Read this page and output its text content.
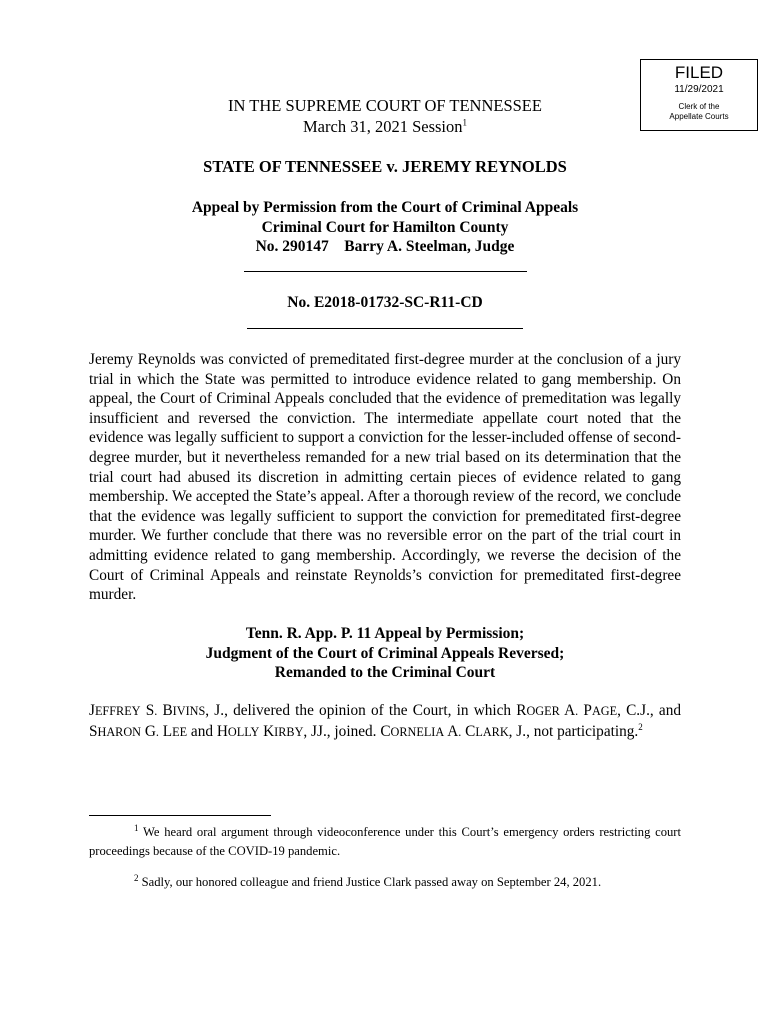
FILED
11/29/2021
Clerk of the
Appellate Courts
IN THE SUPREME COURT OF TENNESSEE
March 31, 2021 Session$^1$
STATE OF TENNESSEE v. JEREMY REYNOLDS
Appeal by Permission from the Court of Criminal Appeals
Criminal Court for Hamilton County
No. 290147    Barry A. Steelman, Judge
No. E2018-01732-SC-R11-CD

Jeremy Reynolds was convicted of premeditated first-degree murder at the conclusion of a jury trial in which the State was permitted to introduce evidence related to gang membership. On appeal, the Court of Criminal Appeals concluded that the evidence of premeditation was legally insufficient and reversed the conviction. The intermediate appellate court noted that the evidence was legally sufficient to support a conviction for the lesser-included offense of second-degree murder, but it nevertheless remanded for a new trial based on its determination that the trial court had abused its discretion in admitting certain pieces of evidence related to gang membership. We accepted the State’s appeal. After a thorough review of the record, we conclude that the evidence was legally sufficient to support the conviction for premeditated first-degree murder. We further conclude that there was no reversible error on the part of the trial court in admitting evidence related to gang membership. Accordingly, we reverse the decision of the Court of Criminal Appeals and reinstate Reynolds’s conviction for premeditated first-degree murder.

Tenn. R. App. P. 11 Appeal by Permission;
Judgment of the Court of Criminal Appeals Reversed;
Remanded to the Criminal Court

JEFFREY S. BIVINS, J., delivered the opinion of the Court, in which ROGER A. PAGE, C.J., and SHARON G. LEE and HOLLY KIRBY, JJ., joined. CORNELIA A. CLARK, J., not participating.$^2$

$^1$ We heard oral argument through videoconference under this Court’s emergency orders restricting court proceedings because of the COVID-19 pandemic.

$^2$ Sadly, our honored colleague and friend Justice Clark passed away on September 24, 2021.
